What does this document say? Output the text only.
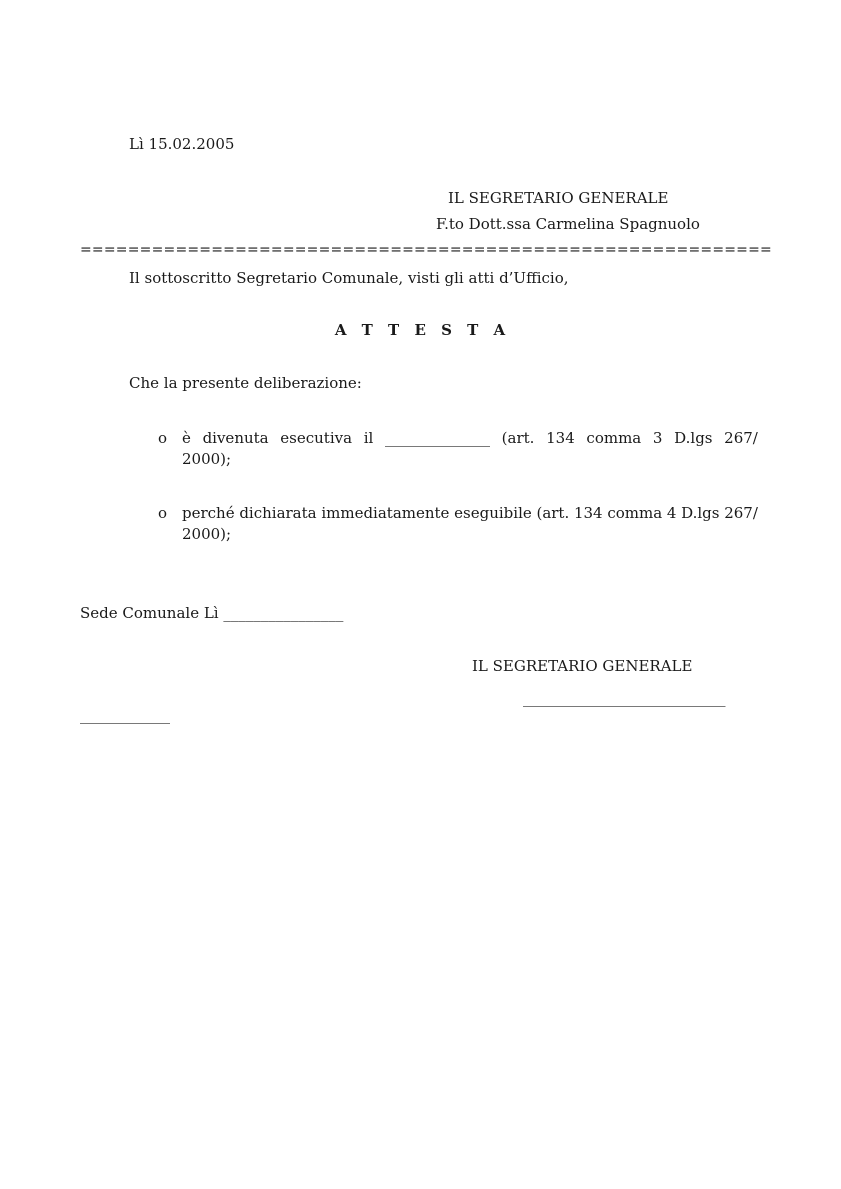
Lì 15.02.2005
IL SEGRETARIO GENERALE
F.to Dott.ssa Carmelina Spagnuolo
==========================================================
Il sottoscritto Segretario Comunale, visti gli atti d’Ufficio,
A T T E S T A
Che la presente deliberazione:
o è divenuta esecutiva il ______________ (art. 134 comma 3 D.lgs 267/
2000);
o perché dichiarata immediatamente eseguibile (art. 134 comma 4 D.lgs 267/
2000);
Sede Comunale Lì ________________
IL SEGRETARIO GENERALE
___________________________
____________
